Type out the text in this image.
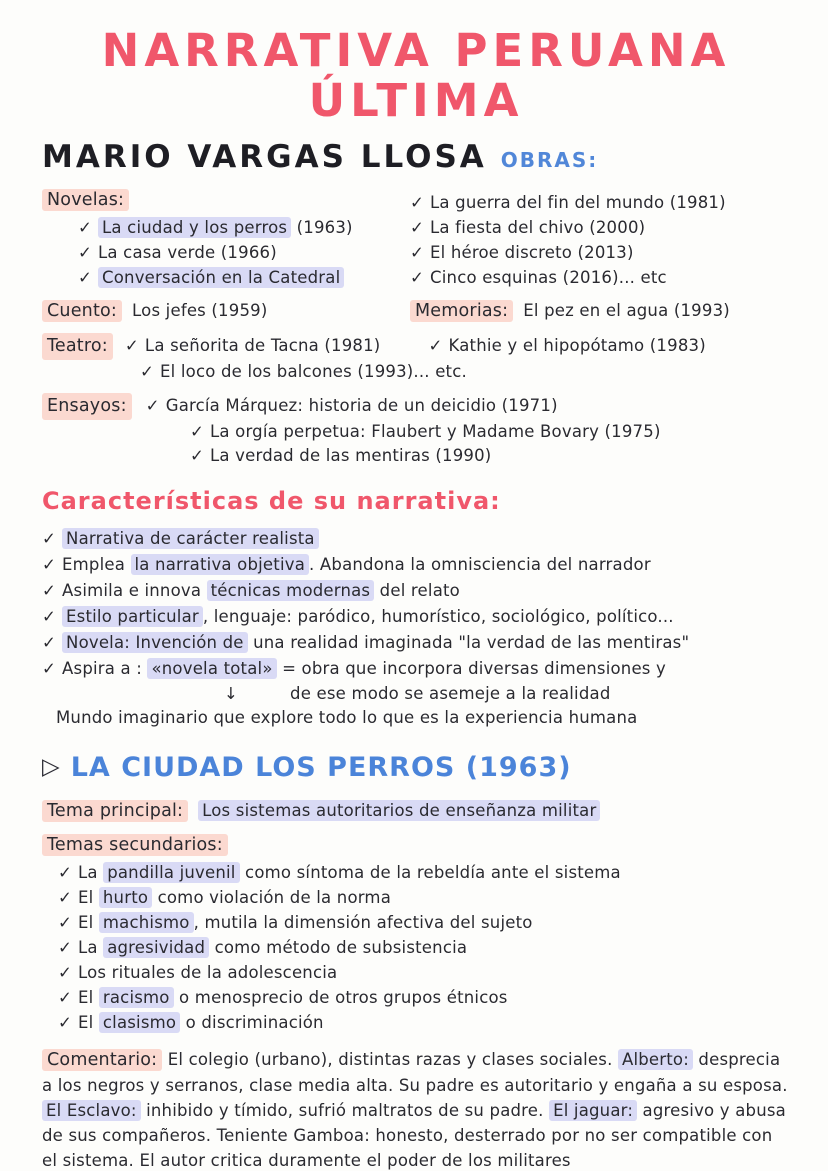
NARRATIVA PERUANA
ÚLTIMA
MARIO VARGAS LLOSA OBRAS:
Novelas:
✓ La ciudad y los perros (1963)
✓ La casa verde (1966)
✓ Conversación en la Catedral
✓ La guerra del fin del mundo (1981)
✓ La fiesta del chivo (2000)
✓ El héroe discreto (2013)
✓ Cinco esquinas (2016)... etc
Cuento: Los jefes (1959)	Memorias: El pez en el agua (1993)
Teatro:	✓ La señorita de Tacna (1981)	✓ Kathie y el hipopótamo (1983)
✓ El loco de los balcones (1993)... etc.
Ensayos:	✓ García Márquez: historia de un deicidio (1971)
✓ La orgía perpetua: Flaubert y Madame Bovary (1975)
✓ La verdad de las mentiras (1990)
Características de su narrativa:
✓ Narrativa de carácter realista
✓ Emplea la narrativa objetiva . Abandona la omnisciencia del narrador
✓ Asimila e innova técnicas modernas del relato
✓ Estilo particular , lenguaje: paródico, humorístico, sociológico, político...
✓ Novela: Invención de una realidad imaginada "la verdad de las mentiras"
✓ Aspira a : «novela total» = obra que incorpora diversas dimensiones y
↓	de ese modo se asemeje a la realidad
Mundo imaginario que explore todo lo que es la experiencia humana
▷ LA CIUDAD LOS PERROS (1963)
Tema principal: Los sistemas autoritarios de enseñanza militar
Temas secundarios:
✓ La pandilla juvenil como síntoma de la rebeldía ante el sistema
✓ El hurto como violación de la norma
✓ El machismo , mutila la dimensión afectiva del sujeto
✓ La agresividad como método de subsistencia
✓ Los rituales de la adolescencia
✓ El racismo o menosprecio de otros grupos étnicos
✓ El clasismo o discriminación

Comentario: El colegio (urbano), distintas razas y clases sociales. Alberto: desprecia a los negros y serranos, clase media alta. Su padre es autoritario y engaña a su esposa. El Esclavo: inhibido y tímido, sufrió maltratos de su padre. El jaguar: agresivo y abusa de sus compañeros. Teniente Gamboa: honesto, desterrado por no ser compatible con el sistema. El autor critica duramente el poder de los militares
